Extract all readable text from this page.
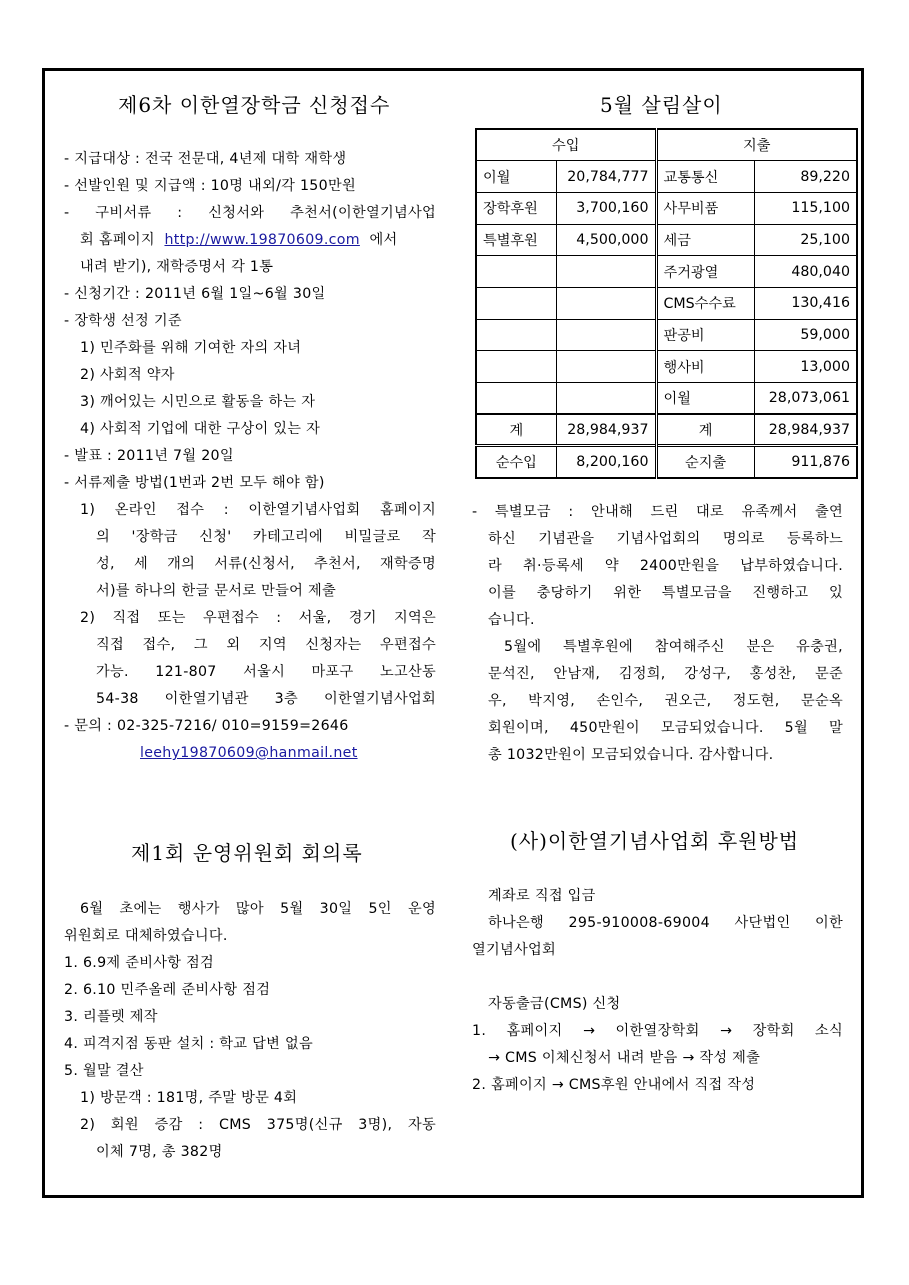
제6차 이한열장학금 신청접수
- 지급대상 : 전국 전문대, 4년제 대학 재학생
- 선발인원 및 지급액 : 10명 내외/각 150만원
- 구비서류 : 신청서와 추천서(이한열기념사업
회 홈페이지 http://www.19870609.com 에서
내려 받기), 재학증명서 각 1통
- 신청기간 : 2011년 6월 1일~6월 30일
- 장학생 선정 기준
1) 민주화를 위해 기여한 자의 자녀
2) 사회적 약자
3) 깨어있는 시민으로 활동을 하는 자
4) 사회적 기업에 대한 구상이 있는 자
- 발표 : 2011년 7월 20일
- 서류제출 방법(1번과 2번 모두 해야 함)
1) 온라인 접수 : 이한열기념사업회 홈페이지
의 '장학금 신청' 카테고리에 비밀글로 작
성, 세 개의 서류(신청서, 추천서, 재학증명
서)를 하나의 한글 문서로 만들어 제출
2) 직접 또는 우편접수 : 서울, 경기 지역은
직접 접수, 그 외 지역 신청자는 우편접수
가능. 121-807 서울시 마포구 노고산동
54-38 이한열기념관 3층 이한열기념사업회
- 문의 : 02-325-7216/ 010=9159=2646
leehy19870609@hanmail.net
제1회 운영위원회 회의록
6월 초에는 행사가 많아 5월 30일 5인 운영
위원회로 대체하였습니다.
1. 6.9제 준비사항 점검
2. 6.10 민주올레 준비사항 점검
3. 리플렛 제작
4. 피격지점 동판 설치 : 학교 답변 없음
5. 월말 결산
1) 방문객 : 181명, 주말 방문 4회
2) 회원 증감 : CMS 375명(신규 3명), 자동
이체 7명, 총 382명
5월 살림살이
수입		지출	
이월	20,784,777	교통통신	89,220
장학후원	3,700,160	사무비품	115,100
특별후원	4,500,000	세금	25,100
		주거광열	480,040
		CMS수수료	130,416
		판공비	59,000
		행사비	13,000
		이월	28,073,061
계	28,984,937	계	28,984,937
순수입	8,200,160	순지출	911,876
- 특별모금 : 안내해 드린 대로 유족께서 출연
하신 기념관을 기념사업회의 명의로 등록하느
라 취·등록세 약 2400만원을 납부하였습니다.
이를 충당하기 위한 특별모금을 진행하고 있
습니다.
5월에 특별후원에 참여해주신 분은 유충권,
문석진, 안남재, 김정희, 강성구, 홍성찬, 문준
우, 박지영, 손인수, 권오근, 정도현, 문순옥
회원이며, 450만원이 모금되었습니다. 5월 말
총 1032만원이 모금되었습니다. 감사합니다.
(사)이한열기념사업회 후원방법
계좌로 직접 입금
하나은행 295-910008-69004 사단법인 이한
열기념사업회
자동출금(CMS) 신청
1. 홈페이지 → 이한열장학회 → 장학회 소식
→ CMS 이체신청서 내려 받음 → 작성 제출
2. 홈페이지 → CMS후원 안내에서 직접 작성
